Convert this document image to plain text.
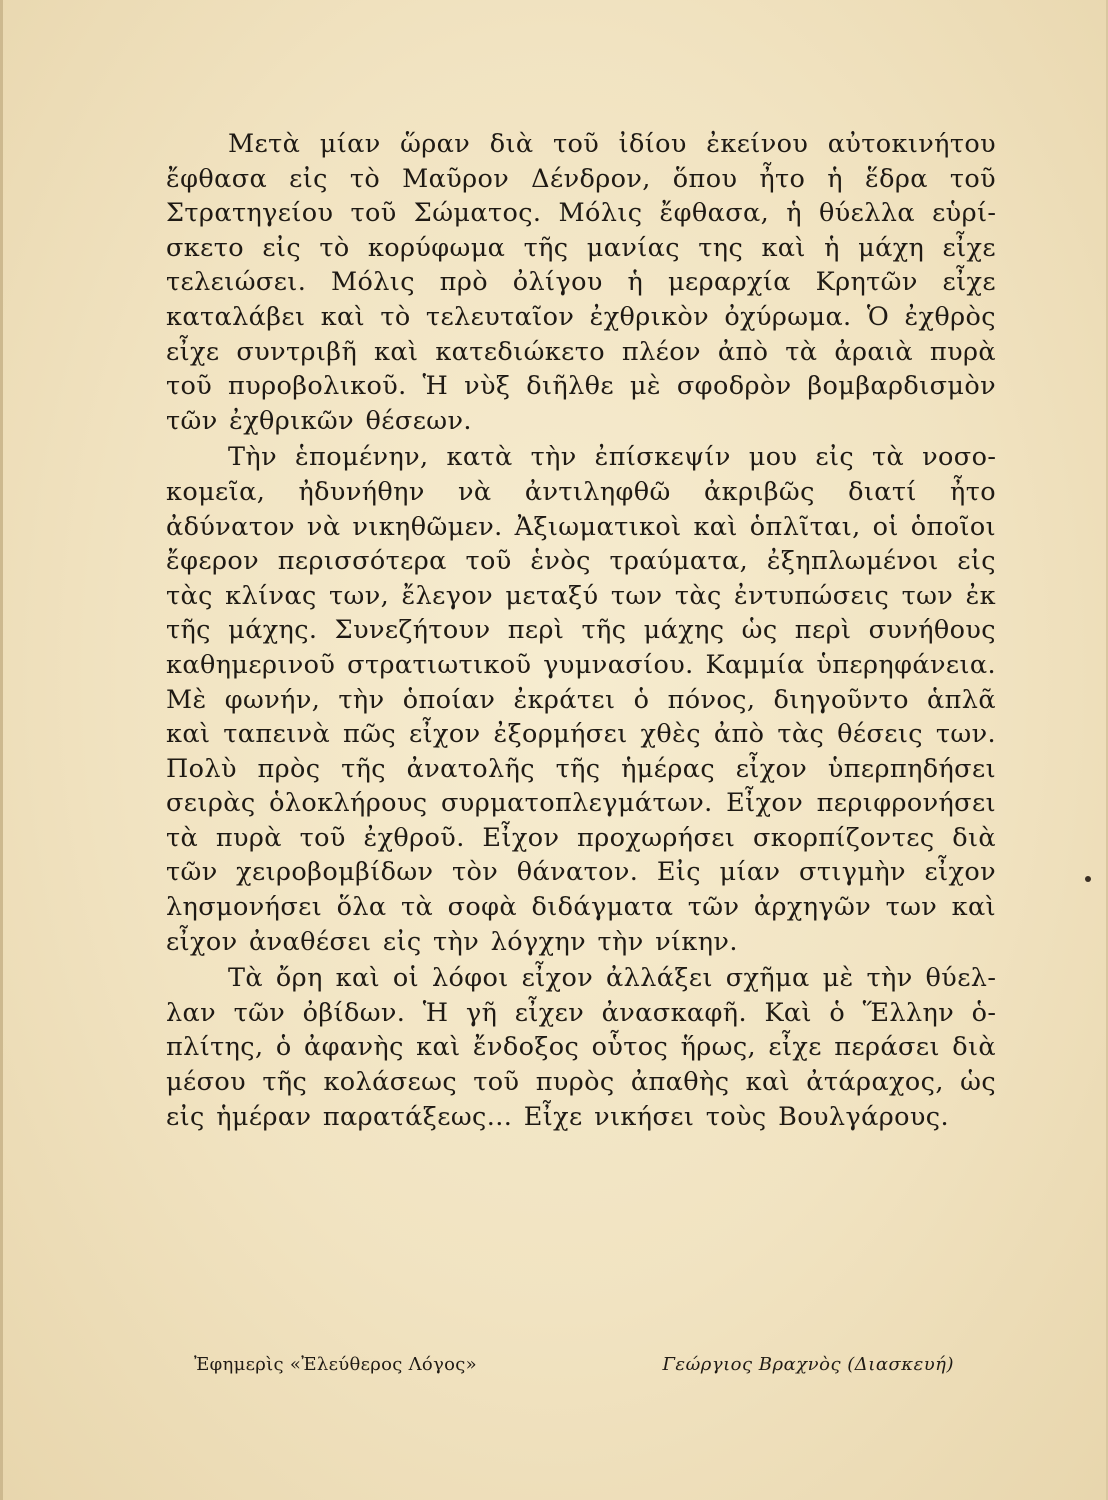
Μετὰ μίαν ὥραν διὰ τοῦ ἰδίου ἐκείνου αὐτοκινήτου ἔφθασα εἰς τὸ Μαῦρον Δένδρον, ὅπου ἦτο ἡ ἕδρα τοῦ Στρατηγείου τοῦ Σώματος. Μόλις ἔφθασα, ἡ θύελλα εὑρίσκετο εἰς τὸ κορύφωμα τῆς μανίας της καὶ ἡ μάχη εἶχε τελειώσει. Μόλις πρὸ ὀλίγου ἡ μεραρχία Κρητῶν εἶχε καταλάβει καὶ τὸ τελευταῖον ἐχθρικὸν ὀχύρωμα. Ὁ ἐχθρὸς εἶχε συντριβῆ καὶ κατεδιώκετο πλέον ἀπὸ τὰ ἀραιὰ πυρὰ τοῦ πυροβολικοῦ. Ἡ νὺξ διῆλθε μὲ σφοδρὸν βομβαρδισμὸν τῶν ἐχθρικῶν θέσεων.

Τὴν ἑπομένην, κατὰ τὴν ἐπίσκεψίν μου εἰς τὰ νοσοκομεῖα, ἠδυνήθην νὰ ἀντιληφθῶ ἀκριβῶς διατί ἦτο ἀδύνατον νὰ νικηθῶμεν. Ἀξιωματικοὶ καὶ ὁπλῖται, οἱ ὁποῖοι ἔφερον περισσότερα τοῦ ἑνὸς τραύματα, ἐξηπλωμένοι εἰς τὰς κλίνας των, ἔλεγον μεταξύ των τὰς ἐντυπώσεις των ἐκ τῆς μάχης. Συνεζήτουν περὶ τῆς μάχης ὡς περὶ συνήθους καθημερινοῦ στρατιωτικοῦ γυμνασίου. Καμμία ὑπερηφάνεια. Μὲ φωνήν, τὴν ὁποίαν ἐκράτει ὁ πόνος, διηγοῦντο ἁπλᾶ καὶ ταπεινὰ πῶς εἶχον ἐξορμήσει χθὲς ἀπὸ τὰς θέσεις των. Πολὺ πρὸς τῆς ἀνατολῆς τῆς ἡμέρας εἶχον ὑπερπηδήσει σειρὰς ὁλοκλήρους συρματοπλεγμάτων. Εἶχον περιφρονήσει τὰ πυρὰ τοῦ ἐχθροῦ. Εἶχον προχωρήσει σκορπίζοντες διὰ τῶν χειροβομβίδων τὸν θάνατον. Εἰς μίαν στιγμὴν εἶχον λησμονήσει ὅλα τὰ σοφὰ διδάγματα τῶν ἀρχηγῶν των καὶ εἶχον ἀναθέσει εἰς τὴν λόγχην τὴν νίκην.

Τὰ ὄρη καὶ οἱ λόφοι εἶχον ἀλλάξει σχῆμα μὲ τὴν θύελλαν τῶν ὀβίδων. Ἡ γῆ εἶχεν ἀνασκαφῆ. Καὶ ὁ Ἕλλην ὁπλίτης, ὁ ἀφανὴς καὶ ἔνδοξος οὗτος ἥρως, εἶχε περάσει διὰ μέσου τῆς κολάσεως τοῦ πυρὸς ἀπαθὴς καὶ ἀτάραχος, ὡς εἰς ἡμέραν παρατάξεως... Εἶχε νικήσει τοὺς Βουλγάρους.

Ἐφημερὶς «Ἐλεύθερος Λόγος»	Γεώργιος Βραχνὸς (Διασκευή)
